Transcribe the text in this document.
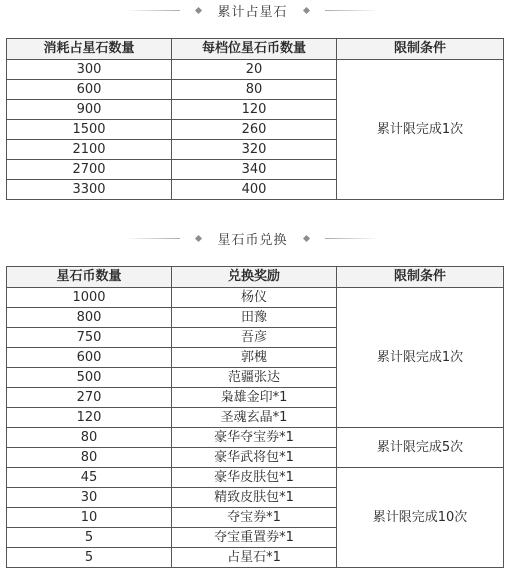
累计占星石
消耗占星石数量	每档位星石币数量	限制条件
300	20	累计限完成1次
600	80	
900	120	
1500	260	
2100	320	
2700	340	
3300	400	
星石币兑换
星石币数量	兑换奖励	限制条件
1000	杨仪	累计限完成1次
800	田豫	
750	吾彦	
600	郭槐	
500	范疆张达	
270	枭雄金印*1	
120	圣魂玄晶*1	
80	豪华夺宝券*1	累计限完成5次
80	豪华武将包*1	
45	豪华皮肤包*1	累计限完成10次
30	精致皮肤包*1	
10	夺宝券*1	
5	夺宝重置券*1	
5	占星石*1	
